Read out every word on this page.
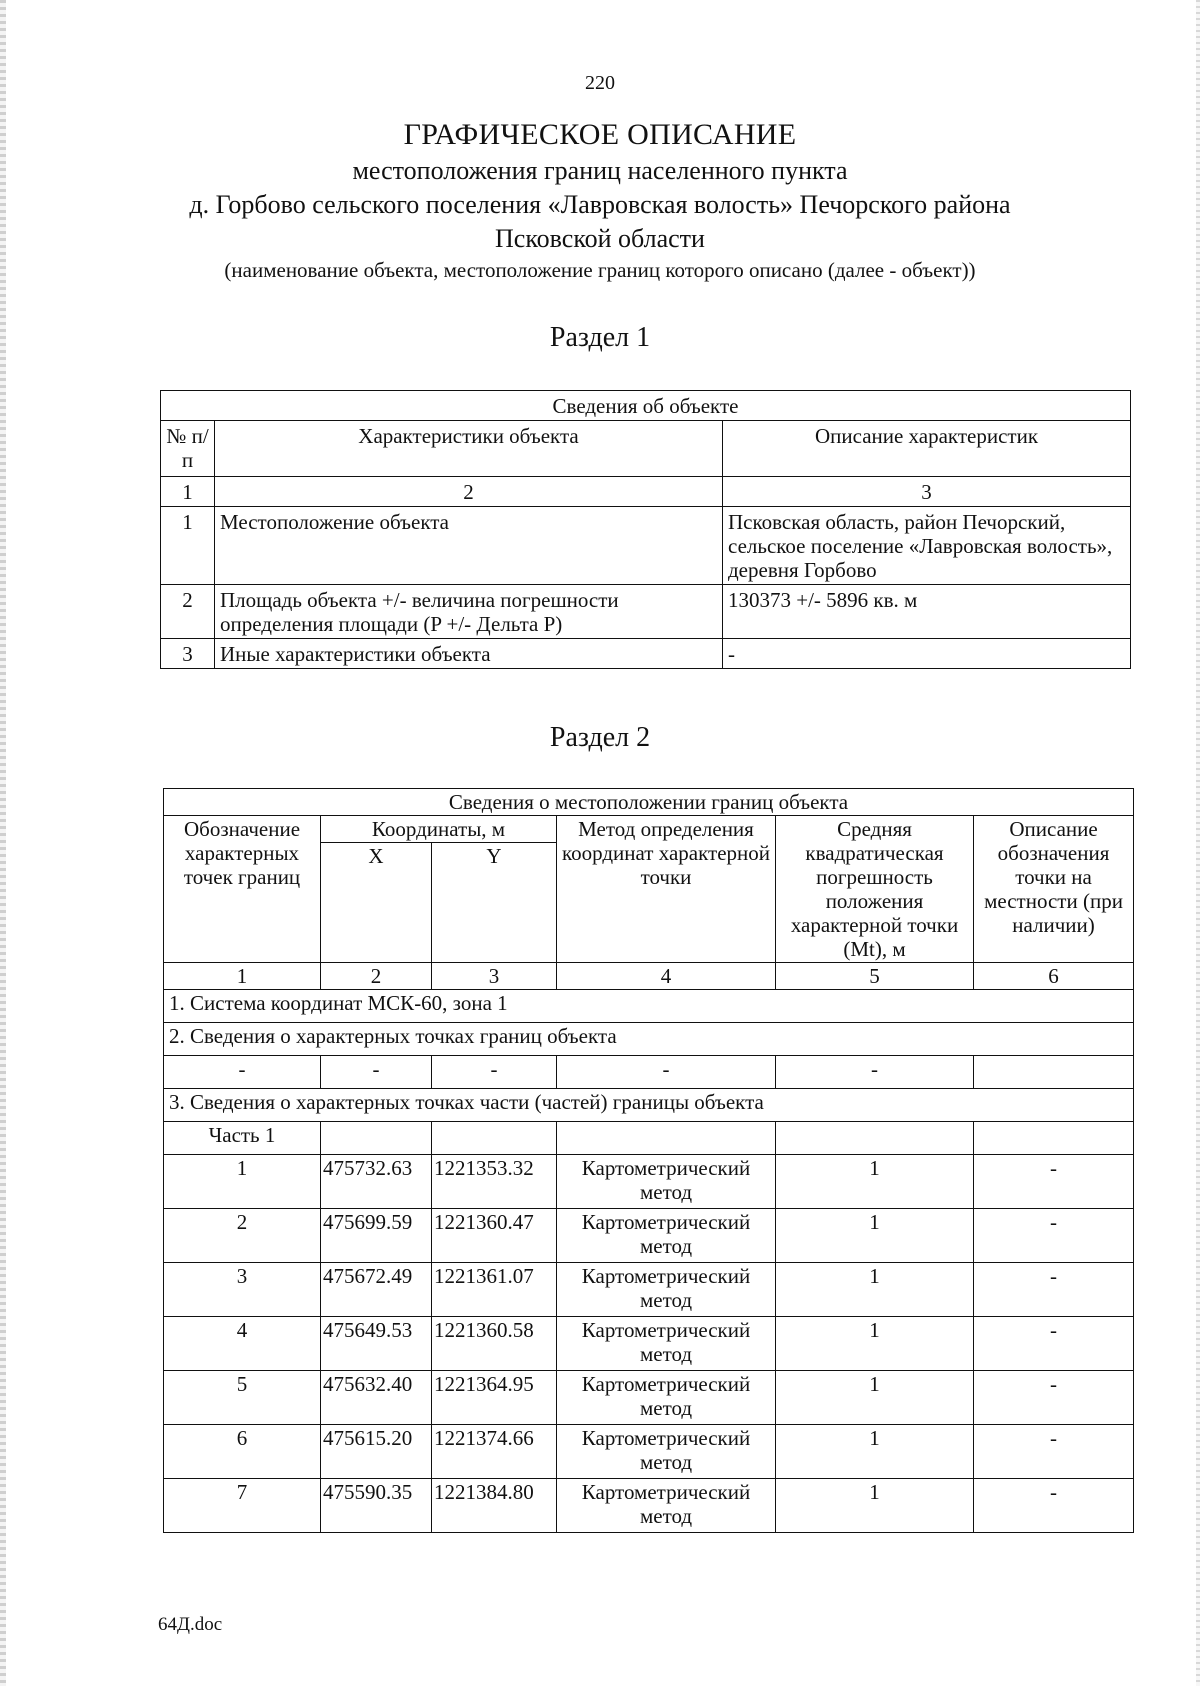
220
ГРАФИЧЕСКОЕ ОПИСАНИЕ
местоположения границ населенного пункта
д. Горбово сельского поселения «Лавровская волость» Печорского района
Псковской области
(наименование объекта, местоположение границ которого описано (далее - объект))
Раздел 1
Сведения об объекте		
№ п/п	Характеристики объекта	Описание характеристик
1	2	3
1	Местоположение объекта	Псковская область, район Печорский, сельское поселение «Лавровская волость», деревня Горбово
2	Площадь объекта +/- величина погрешности определения площади (P +/- Дельта P)	130373 +/- 5896 кв. м
3	Иные характеристики объекта	-
Раздел 2
Сведения о местоположении границ объекта					
Обозначение характерных точек границ	Координаты, м		Метод определения координат характерной точки	Средняя квадратическая погрешность положения характерной точки (Mt), м	Описание обозначения точки на местности (при наличии)
	X	Y			
1	2	3	4	5	6
1. Система координат МСК-60, зона 1					
2. Сведения о характерных точках границ объекта					
-	-	-	-	-	
3. Сведения о характерных точках части (частей) границы объекта					
Часть 1					
1	475732.63	1221353.32	Картометрический метод	1	-
2	475699.59	1221360.47	Картометрический метод	1	-
3	475672.49	1221361.07	Картометрический метод	1	-
4	475649.53	1221360.58	Картометрический метод	1	-
5	475632.40	1221364.95	Картометрический метод	1	-
6	475615.20	1221374.66	Картометрический метод	1	-
7	475590.35	1221384.80	Картометрический метод	1	-
64Д.doc
